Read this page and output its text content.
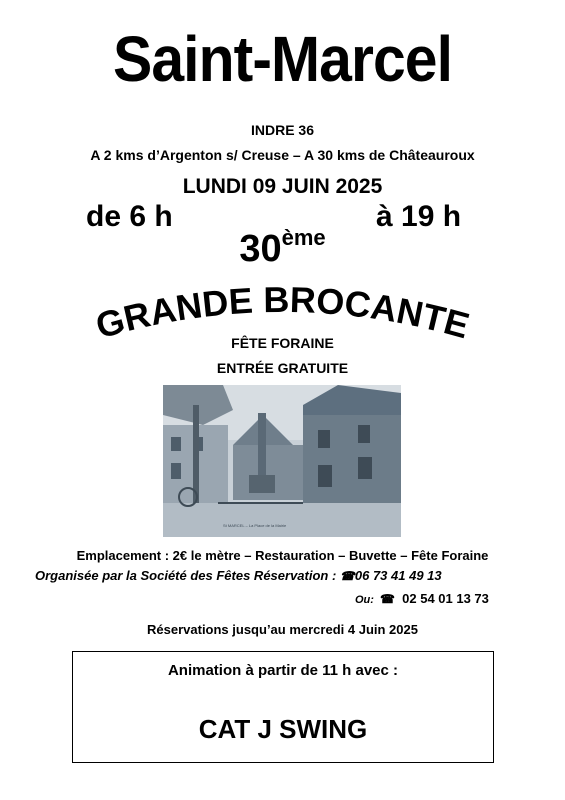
Saint-Marcel
INDRE 36
A 2 kms d’Argenton s/ Creuse – A 30 kms de Châteauroux
LUNDI 09 JUIN 2025
de 6 h	à 19 h
30ème
GRANDE BROCANTE
FÊTE FORAINE
ENTRÉE GRATUITE
St MARCEL – La Place de la Mairie
Emplacement : 2€ le mètre – Restauration – Buvette – Fête Foraine
Organisée par la Société des Fêtes Réservation : ☎06 73 41 49 13
Ou: ☎ 02 54 01 13 73
Réservations jusqu’au mercredi 4 Juin 2025
Animation à partir de 11 h avec :
CAT J SWING
